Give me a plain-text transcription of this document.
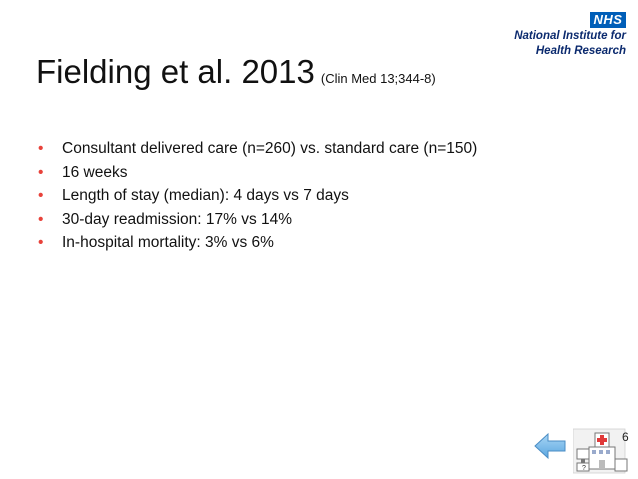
NHS
National Institute for
Health Research
Fielding et al. 2013 (Clin Med 13;344-8)
• Consultant delivered care (n=260) vs. standard care (n=150)
• 16 weeks
• Length of stay (median): 4 days vs 7 days
• 30-day readmission: 17% vs 14%
• In-hospital mortality: 3% vs 6%
?
6
